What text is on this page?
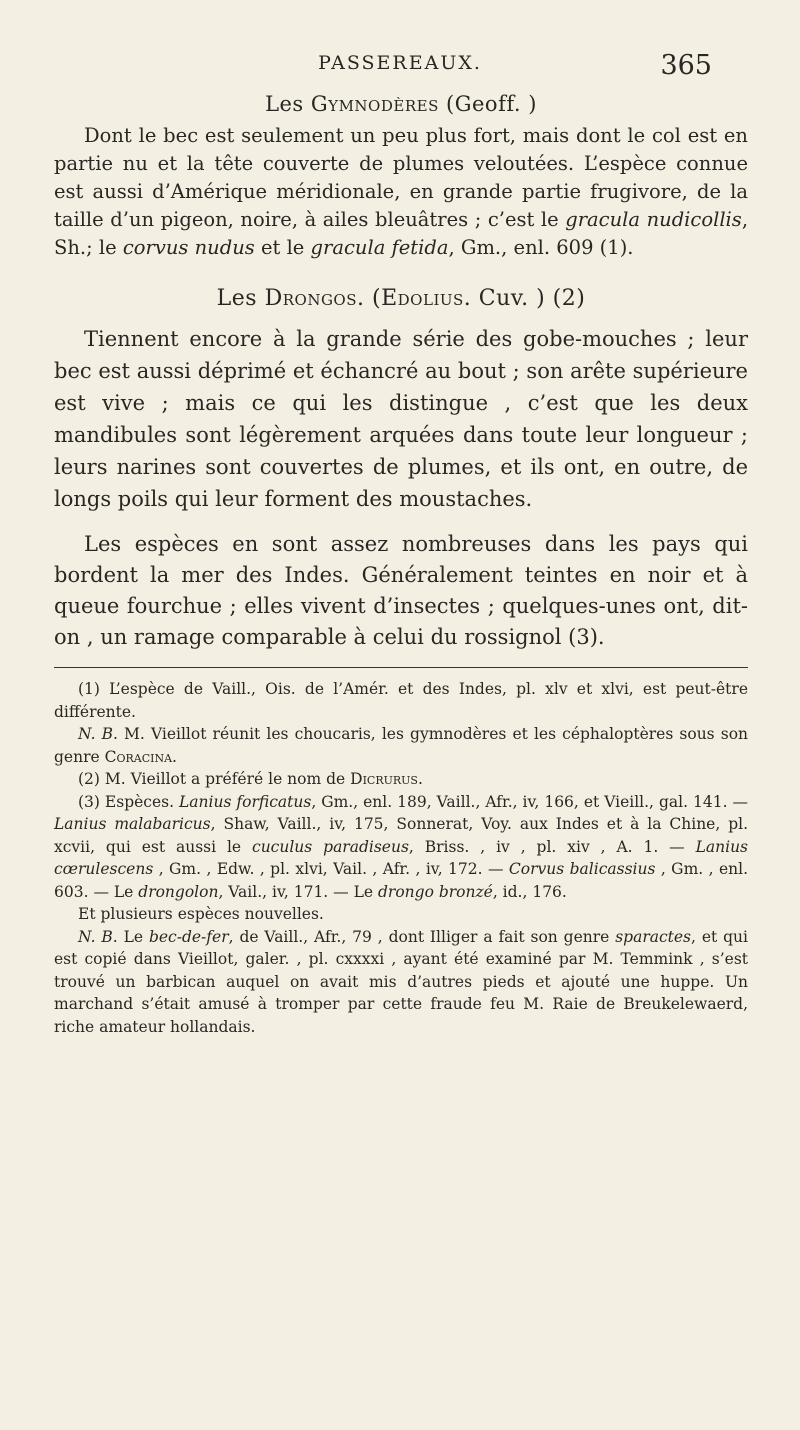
PASSEREAUX.	365
Les Gymnodères (Geoff. )

Dont le bec est seulement un peu plus fort, mais dont le col est en partie nu et la tête couverte de plumes veloutées. L’espèce connue est aussi d’Amérique méridionale, en grande partie frugivore, de la taille d’un pigeon, noire, à ailes bleuâtres ; c’est le gracula nudicollis, Sh.; le corvus nudus et le gracula fetida, Gm., enl. 609 (1).

Les Drongos. (Edolius. Cuv. ) (2)

Tiennent encore à la grande série des gobe-mouches ; leur bec est aussi déprimé et échancré au bout ; son arête supérieure est vive ; mais ce qui les distingue , c’est que les deux mandibules sont légèrement arquées dans toute leur longueur ; leurs narines sont couvertes de plumes, et ils ont, en outre, de longs poils qui leur forment des moustaches.

Les espèces en sont assez nombreuses dans les pays qui bordent la mer des Indes. Généralement teintes en noir et à queue fourchue ; elles vivent d’insectes ; quelques-unes ont, dit-on , un ramage comparable à celui du rossignol (3).

(1) L’espèce de Vaill., Ois. de l’Amér. et des Indes, pl. xlv et xlvi, est peut-être différente.

N. B. M. Vieillot réunit les choucaris, les gymnodères et les céphaloptères sous son genre Coracina.

(2) M. Vieillot a préféré le nom de Dicrurus.

(3) Espèces. Lanius forficatus, Gm., enl. 189, Vaill., Afr., iv, 166, et Vieill., gal. 141. — Lanius malabaricus, Shaw, Vaill., iv, 175, Sonnerat, Voy. aux Indes et à la Chine, pl. xcvii, qui est aussi le cuculus paradiseus, Briss. , iv , pl. xiv , A. 1. — Lanius cœrulescens , Gm. , Edw. , pl. xlvi, Vail. , Afr. , iv, 172. — Corvus balicassius , Gm. , enl. 603. — Le drongolon, Vail., iv, 171. — Le drongo bronzé, id., 176.

Et plusieurs espèces nouvelles.

N. B. Le bec-de-fer, de Vaill., Afr., 79 , dont Illiger a fait son genre sparactes, et qui est copié dans Vieillot, galer. , pl. cxxxxi , ayant été examiné par M. Temmink , s’est trouvé un barbican auquel on avait mis d’autres pieds et ajouté une huppe. Un marchand s’était amusé à tromper par cette fraude feu M. Raie de Breukelewaerd, riche amateur hollandais.
